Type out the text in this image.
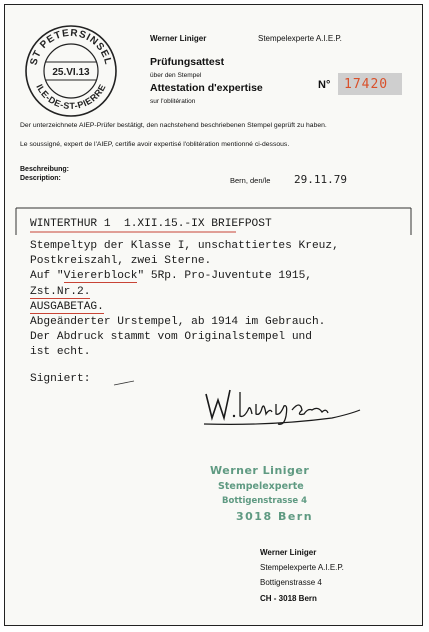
ST PETERSINSEL
ILE-DE-ST-PIERRE
25.VI.13
Werner Liniger	Stempelexperte A.I.E.P.
Prüfungsattest
über den Stempel
Attestation d'expertise
sur l'oblitération
N° 17420
Der unterzeichnete AIEP-Prüfer bestätigt, den nachstehend beschriebenen Stempel geprüft zu haben.
Le soussigné, expert de l'AIEP, certifie avoir expertisé l'oblitération mentionné ci-dessous.
Beschreibung:
Description:	Bern, den/le 29.11.79
WINTERTHUR 1  1.XII.15.-IX BRIEFPOST
Stempeltyp der Klasse I, unschattiertes Kreuz,
Postkreiszahl, zwei Sterne.
Auf "Viererblock" 5Rp. Pro-Juventute 1915,
Zst.Nr.2.
AUSGABETAG.
Abgeänderter Urstempel, ab 1914 im Gebrauch.
Der Abdruck stammt vom Originalstempel und
ist echt.
Signiert:	W. Liniger
Werner Liniger
Stempelexperte
Bottigenstrasse 4
3018 Bern
Werner Liniger
Stempelexperte A.I.E.P.
Bottigenstrasse 4
CH - 3018 Bern
